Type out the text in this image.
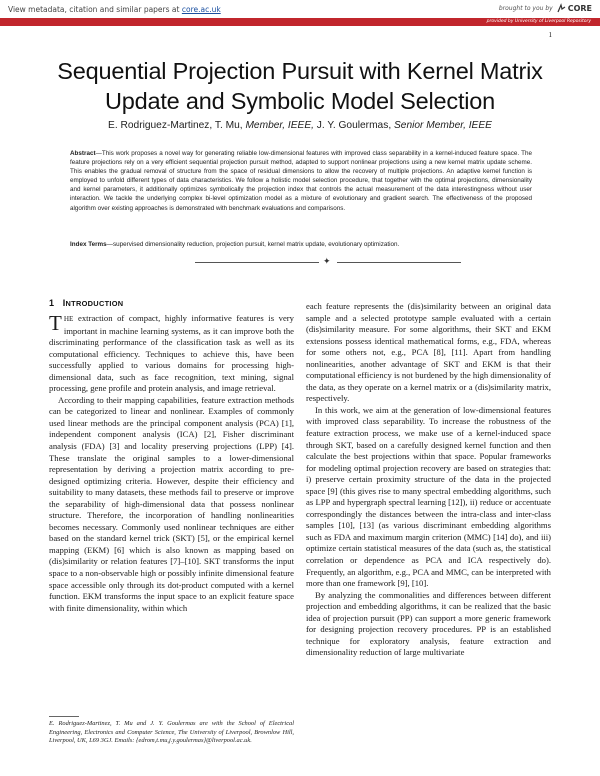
View metadata, citation and similar papers at core.ac.uk	brought to you by CORE
provided by University of Liverpool Repository
1
Sequential Projection Pursuit with Kernel Matrix
Update and Symbolic Model Selection
E. Rodriguez-Martinez, T. Mu, Member, IEEE, J. Y. Goulermas, Senior Member, IEEE
Abstract—This work proposes a novel way for generating reliable low-dimensional features with improved class separability in a kernel-induced feature space. The feature projections rely on a very efficient sequential projection pursuit method, adapted to support nonlinear projections using a new kernel matrix update scheme. This enables the gradual removal of structure from the space of residual dimensions to allow the recovery of multiple projections. An adaptive kernel function is employed to unfold different types of data characteristics. We follow a holistic model selection procedure, that together with the optimal projections, dimensionality and kernel parameters, it additionally optimizes symbolically the projection index that controls the actual measurement of the data interestingness without user interaction. We tackle the underlying complex bi-level optimization model as a mixture of evolutionary and gradient search. The effectiveness of the proposed algorithm over existing approaches is demonstrated with benchmark evaluations and comparisons.
Index Terms—supervised dimensionality reduction, projection pursuit, kernel matrix update, evolutionary optimization.
✦
1 INTRODUCTION

THE extraction of compact, highly informative features is very important in machine learning systems, as it can improve both the discriminating performance of the classification task as well as its computational efficiency. Techniques to achieve this, have been successfully applied to various domains for processing high-dimensional data, such as face recognition, text mining, signal processing, gene profile and protein analysis, and image retrieval.

According to their mapping capabilities, feature extraction methods can be categorized to linear and nonlinear. Examples of commonly used linear methods are the principal component analysis (PCA) [1], independent component analysis (ICA) [2], Fisher discriminant analysis (FDA) [3] and locality preserving projections (LPP) [4]. These translate the original samples to a lower-dimensional representation by deriving a projection matrix according to pre-designed optimizing criteria. However, despite their efficiency and suitability to many datasets, these methods fail to preserve or improve the separability of high-dimensional data that possess nonlinear structure. Therefore, the incorporation of handling nonlinearities becomes necessary. Commonly used nonlinear techniques are either based on the standard kernel trick (SKT) [5], or the empirical kernel mapping (EKM) [6] which is also known as mapping based on (dis)similarity or relation features [7]–[10]. SKT transforms the input space to a non-observable high or possibly infinite dimensional feature space accessible only through its dot-product computed with a kernel function. EKM transforms the input space to an explicit feature space with finite dimensionality, within which

each feature represents the (dis)similarity between an original data sample and a selected prototype sample evaluated with a certain (dis)similarity measure. For some algorithms, their SKT and EKM extensions possess identical mathematical forms, e.g., FDA, whereas for some others not, e.g., PCA [8], [11]. Apart from handling nonlinearities, another advantage of SKT and EKM is that their computational efficiency is not burdened by the high dimensionality of the data, as they operate on a kernel matrix or a (dis)similarity matrix, respectively.

In this work, we aim at the generation of low-dimensional features with improved class separability. To increase the robustness of the feature extraction process, we make use of a kernel-induced space through SKT, based on a carefully designed kernel function and then calculate the best projections within that space. Popular frameworks for modeling optimal projection recovery are based on strategies that: i) preserve certain proximity structure of the data in the projected space [9] (this gives rise to many spectral embedding algorithms, such as LPP and hypergraph spectral learning [12]), ii) reduce or accentuate correspondingly the distances between the intra-class and inter-class samples [10], [13] (as various discriminant embedding algorithms such as FDA and maximum margin criterion (MMC) [14] do), and iii) optimize certain statistical measures of the data (such as, the statistical correlation or dependence as PCA and ICA respectively do). Frequently, an algorithm, e.g., PCA and MMC, can be interpreted with more than one framework [9], [10].

By analyzing the commonalities and differences between different projection and embedding algorithms, it can be realized that the basic idea of projection pursuit (PP) can support a more generic framework for designing projection recovery procedures. PP is an established technique for exploratory analysis, feature extraction and dimensionality reduction of large multivariate

E. Rodriguez-Martinez, T. Mu and J. Y. Goulermas are with the School of Electrical Engineering, Electronics and Computer Science, The University of Liverpool, Brownlow Hill, Liverpool, UK, L69 3GJ. Emails: {edrom,t.mu,j.y.goulermas}@liverpool.ac.uk.
